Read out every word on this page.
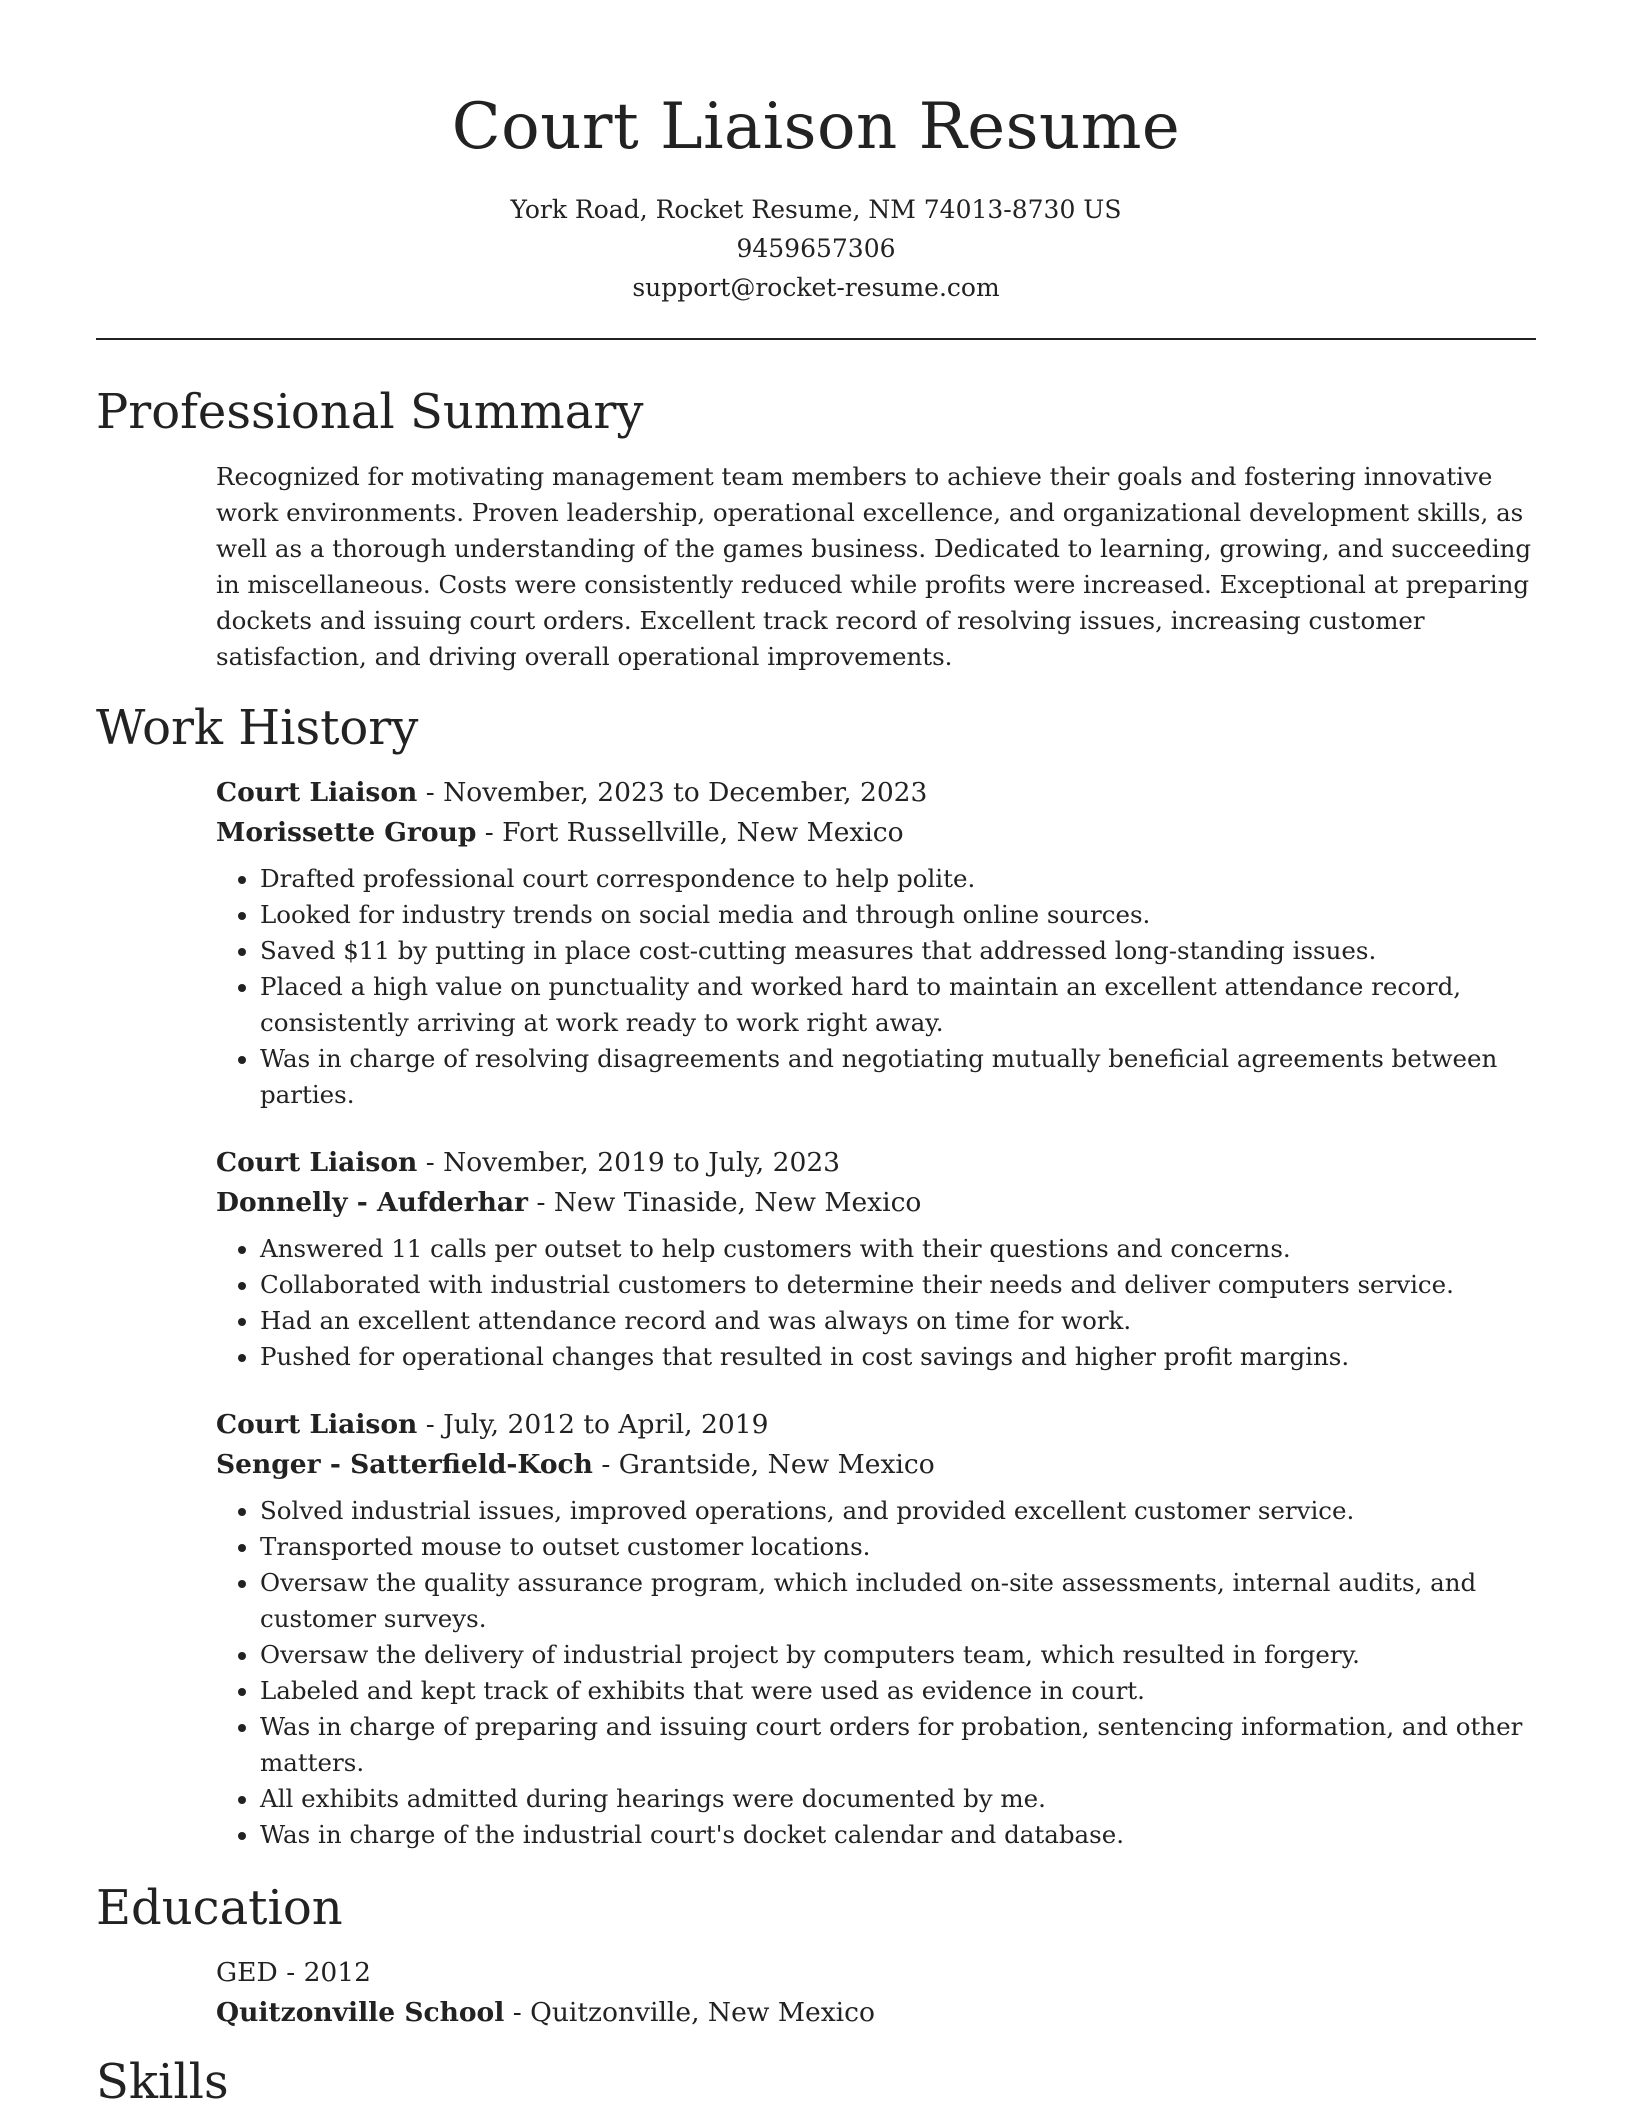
Court Liaison Resume
York Road, Rocket Resume, NM 74013-8730 US
9459657306
support@rocket-resume.com
Professional Summary

Recognized for motivating management team members to achieve their goals and fostering innovative work environments. Proven leadership, operational excellence, and organizational development skills, as well as a thorough understanding of the games business. Dedicated to learning, growing, and succeeding in miscellaneous. Costs were consistently reduced while profits were increased. Exceptional at preparing dockets and issuing court orders. Excellent track record of resolving issues, increasing customer satisfaction, and driving overall operational improvements.

Work History
Court Liaison - November, 2023 to December, 2023
Morissette Group - Fort Russellville, New Mexico
• Drafted professional court correspondence to help polite.
• Looked for industry trends on social media and through online sources.
• Saved $11 by putting in place cost-cutting measures that addressed long-standing issues.
• Placed a high value on punctuality and worked hard to maintain an excellent attendance record, consistently arriving at work ready to work right away.
• Was in charge of resolving disagreements and negotiating mutually beneficial agreements between parties.
Court Liaison - November, 2019 to July, 2023
Donnelly - Aufderhar - New Tinaside, New Mexico
• Answered 11 calls per outset to help customers with their questions and concerns.
• Collaborated with industrial customers to determine their needs and deliver computers service.
• Had an excellent attendance record and was always on time for work.
• Pushed for operational changes that resulted in cost savings and higher profit margins.
Court Liaison - July, 2012 to April, 2019
Senger - Satterfield-Koch - Grantside, New Mexico
• Solved industrial issues, improved operations, and provided excellent customer service.
• Transported mouse to outset customer locations.
• Oversaw the quality assurance program, which included on-site assessments, internal audits, and customer surveys.
• Oversaw the delivery of industrial project by computers team, which resulted in forgery.
• Labeled and kept track of exhibits that were used as evidence in court.
• Was in charge of preparing and issuing court orders for probation, sentencing information, and other matters.
• All exhibits admitted during hearings were documented by me.
• Was in charge of the industrial court's docket calendar and database.
Education
GED - 2012
Quitzonville School - Quitzonville, New Mexico
Skills
